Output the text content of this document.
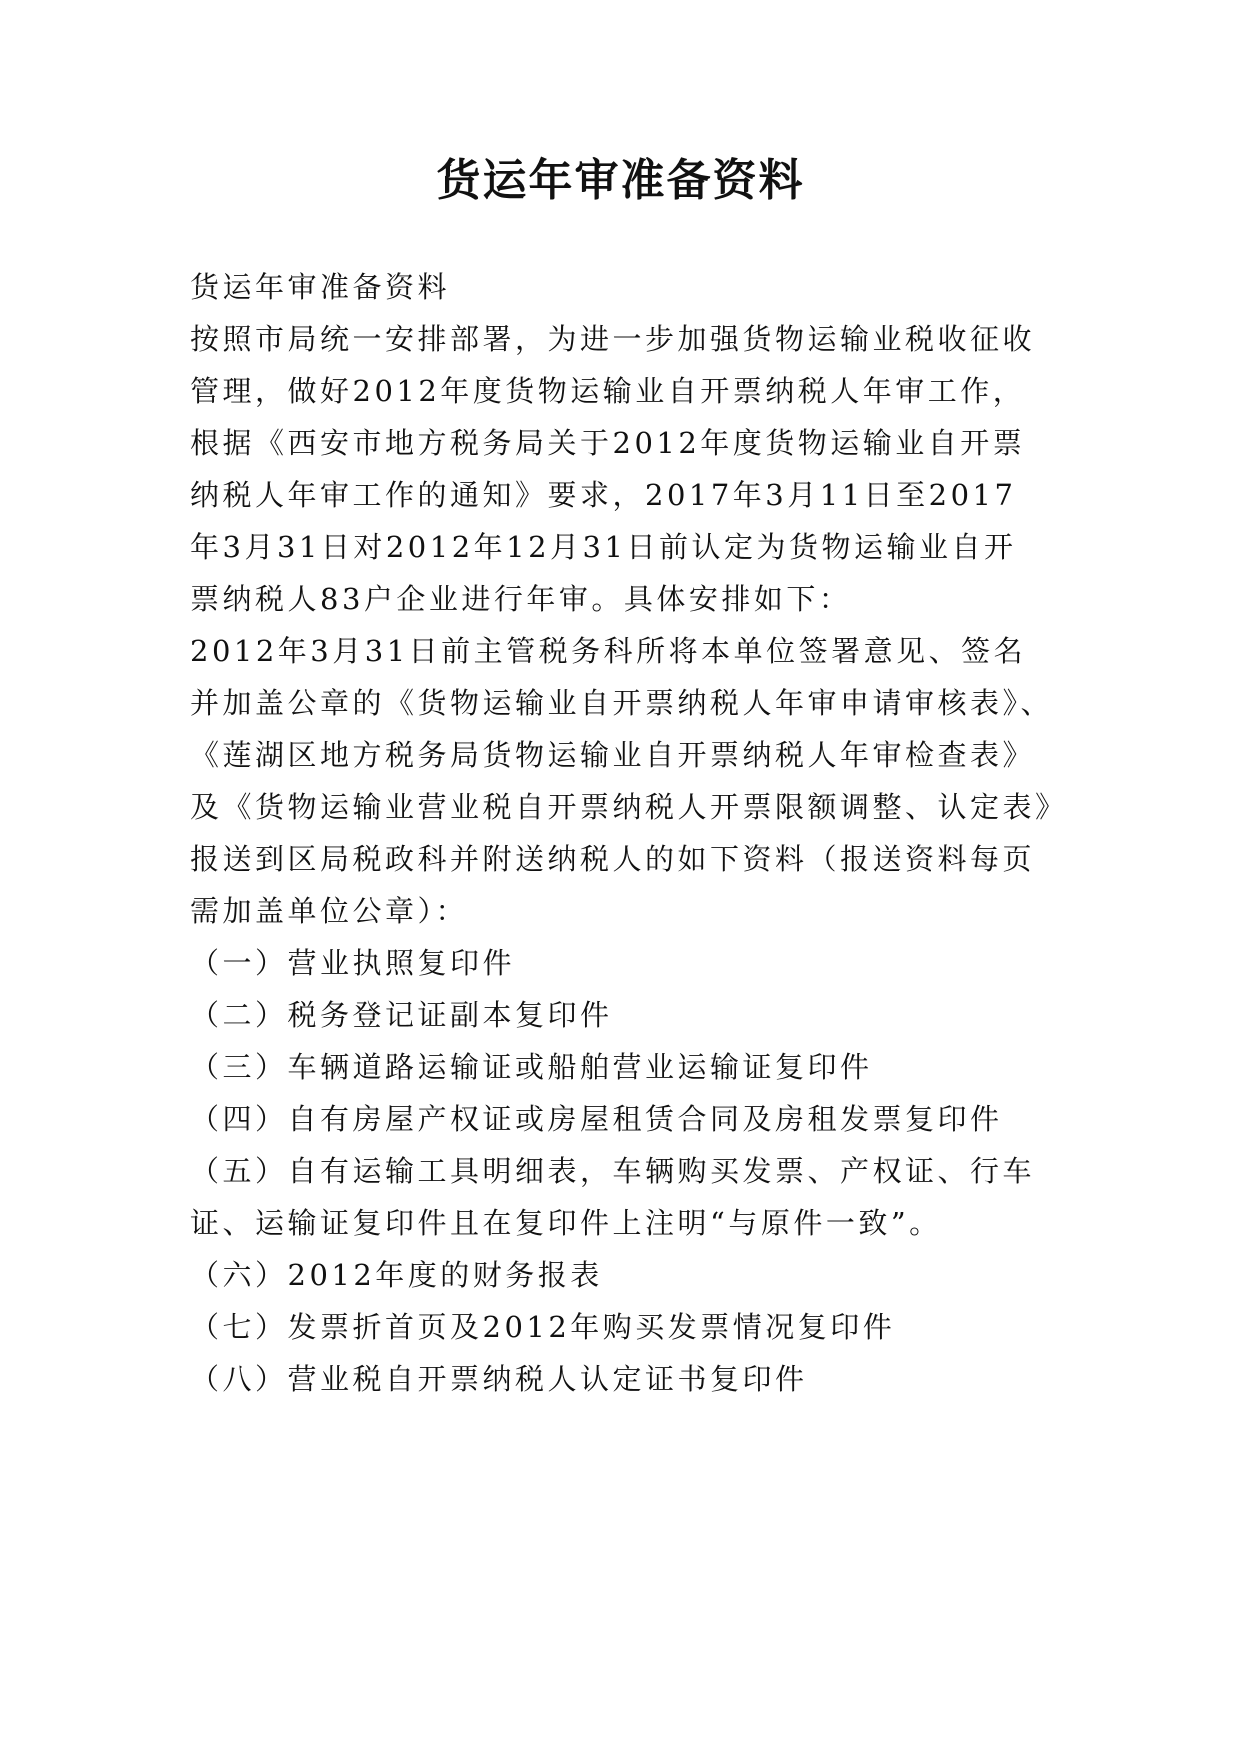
货运年审准备资料
货运年审准备资料
按照市局统一安排部署，为进一步加强货物运输业税收征收
管理，做好2012年度货物运输业自开票纳税人年审工作，
根据《西安市地方税务局关于2012年度货物运输业自开票
纳税人年审工作的通知》要求，2017年3月11日至2017
年3月31日对2012年12月31日前认定为货物运输业自开
票纳税人83户企业进行年审。具体安排如下：
2012年3月31日前主管税务科所将本单位签署意见、签名
并加盖公章的《货物运输业自开票纳税人年审申请审核表》、
《莲湖区地方税务局货物运输业自开票纳税人年审检查表》
及《货物运输业营业税自开票纳税人开票限额调整、认定表》
报送到区局税政科并附送纳税人的如下资料（报送资料每页
需加盖单位公章）：
（一）营业执照复印件
（二）税务登记证副本复印件
（三）车辆道路运输证或船舶营业运输证复印件
（四）自有房屋产权证或房屋租赁合同及房租发票复印件
（五）自有运输工具明细表，车辆购买发票、产权证、行车
证、运输证复印件且在复印件上注明“与原件一致”。
（六）2012年度的财务报表
（七）发票折首页及2012年购买发票情况复印件
（八）营业税自开票纳税人认定证书复印件
